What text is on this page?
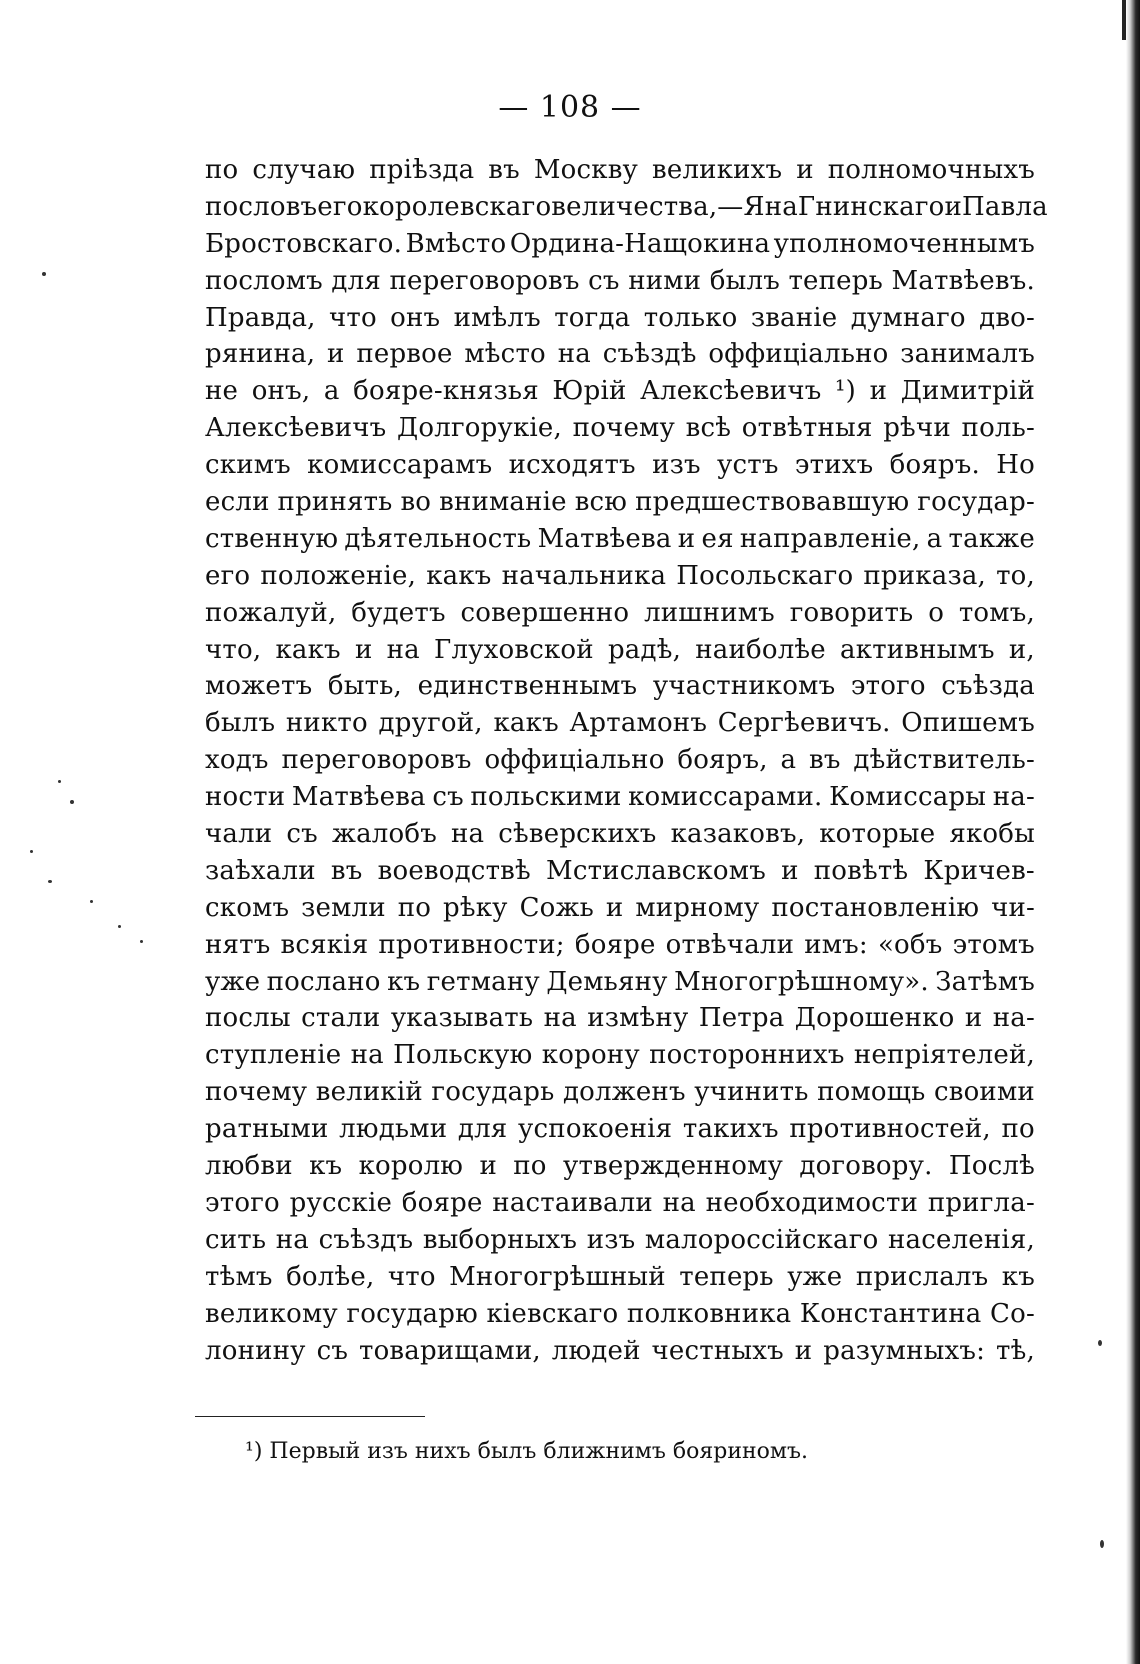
— 108 —
по случаю пріѣзда въ Москву великихъ и полномочныхъ
пословъ его королевскаго величества,—Яна Гнинскаго иПавла
Бростовскаго. Вмѣсто Ордина-Нащокина уполномоченнымъ
посломъ для переговоровъ съ ними былъ теперь Матвѣевъ.
Правда, что онъ имѣлъ тогда только званіе думнаго дво-
рянина, и первое мѣсто на съѣздѣ оффиціально занималъ
не онъ, а бояре-князья Юрій Алексѣевичъ ¹) и Димитрій
Алексѣевичъ Долгорукіе, почему всѣ отвѣтныя рѣчи поль-
скимъ комиссарамъ исходятъ изъ устъ этихъ бояръ. Но
если принять во вниманіе всю предшествовавшую государ-
ственную дѣятельность Матвѣева и ея направленіе, а также
его положеніе, какъ начальника Посольскаго приказа, то,
пожалуй, будетъ совершенно лишнимъ говорить о томъ,
что, какъ и на Глуховской радѣ, наиболѣе активнымъ и,
можетъ быть, единственнымъ участникомъ этого съѣзда
былъ никто другой, какъ Артамонъ Сергѣевичъ. Опишемъ
ходъ переговоровъ оффиціально бояръ, а въ дѣйствитель-
ности Матвѣева съ польскими комиссарами. Комиссары на-
чали съ жалобъ на сѣверскихъ казаковъ, которые якобы
заѣхали въ воеводствѣ Мстиславскомъ и повѣтѣ Кричев-
скомъ земли по рѣку Сожь и мирному постановленію чи-
нятъ всякія противности; бояре отвѣчали имъ: «объ этомъ
уже послано къ гетману Демьяну Многогрѣшному». Затѣмъ
послы стали указывать на измѣну Петра Дорошенко и на-
ступленіе на Польскую корону постороннихъ непріятелей,
почему великій государь долженъ учинить помощь своими
ратными людьми для успокоенія такихъ противностей, по
любви къ королю и по утвержденному договору. Послѣ
этого русскіе бояре настаивали на необходимости пригла-
сить на съѣздъ выборныхъ изъ малороссійскаго населенія,
тѣмъ болѣе, что Многогрѣшный теперь уже прислалъ къ
великому государю кіевскаго полковника Константина Со-
лонину съ товарищами, людей честныхъ и разумныхъ: тѣ,
¹) Первый изъ нихъ былъ ближнимъ бояриномъ.
